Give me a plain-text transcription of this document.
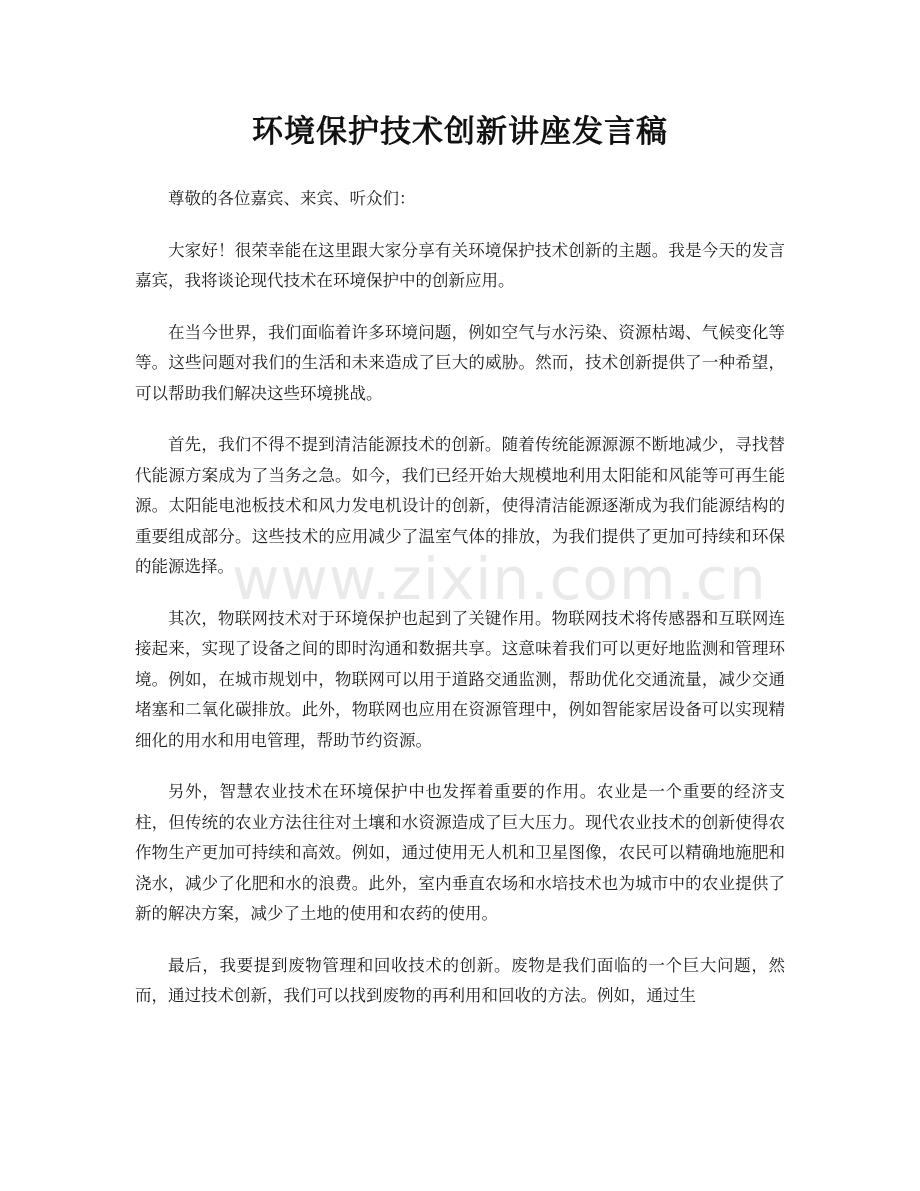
环境保护技术创新讲座发言稿

尊敬的各位嘉宾、来宾、听众们：

大家好！很荣幸能在这里跟大家分享有关环境保护技术创新的主题。我是今天的发言嘉宾，我将谈论现代技术在环境保护中的创新应用。

在当今世界，我们面临着许多环境问题，例如空气与水污染、资源枯竭、气候变化等等。这些问题对我们的生活和未来造成了巨大的威胁。然而，技术创新提供了一种希望，可以帮助我们解决这些环境挑战。

首先，我们不得不提到清洁能源技术的创新。随着传统能源源源不断地减少，寻找替代能源方案成为了当务之急。如今，我们已经开始大规模地利用太阳能和风能等可再生能源。太阳能电池板技术和风力发电机设计的创新，使得清洁能源逐渐成为我们能源结构的重要组成部分。这些技术的应用减少了温室气体的排放，为我们提供了更加可持续和环保的能源选择。

其次，物联网技术对于环境保护也起到了关键作用。物联网技术将传感器和互联网连接起来，实现了设备之间的即时沟通和数据共享。这意味着我们可以更好地监测和管理环境。例如，在城市规划中，物联网可以用于道路交通监测，帮助优化交通流量，减少交通堵塞和二氧化碳排放。此外，物联网也应用在资源管理中，例如智能家居设备可以实现精细化的用水和用电管理，帮助节约资源。

另外，智慧农业技术在环境保护中也发挥着重要的作用。农业是一个重要的经济支柱，但传统的农业方法往往对土壤和水资源造成了巨大压力。现代农业技术的创新使得农作物生产更加可持续和高效。例如，通过使用无人机和卫星图像，农民可以精确地施肥和浇水，减少了化肥和水的浪费。此外，室内垂直农场和水培技术也为城市中的农业提供了新的解决方案，减少了土地的使用和农药的使用。

最后，我要提到废物管理和回收技术的创新。废物是我们面临的一个巨大问题，然而，通过技术创新，我们可以找到废物的再利用和回收的方法。例如，通过生

www.zixin.com.cn
